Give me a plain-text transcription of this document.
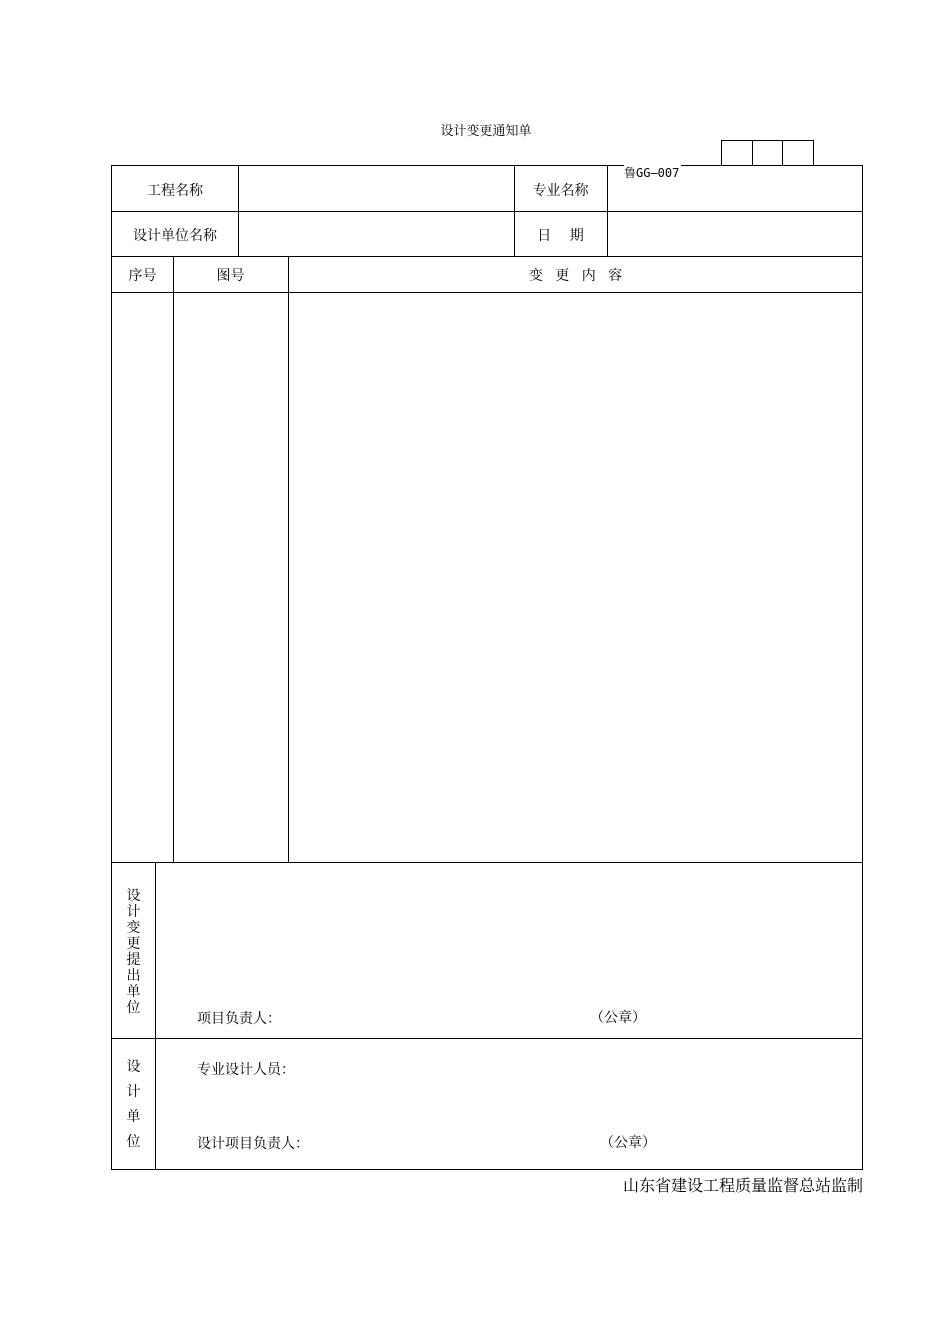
设计变更通知单
工程名称	专业名称
设计单位名称	日　 期
序号	图号	变 更 内 容
设
计
变
更
提
出
单
位
项目负责人：	（公章）
设
计
单
位
专业设计人员：
设计项目负责人：	（公章）
鲁GG—007
山东省建设工程质量监督总站监制
